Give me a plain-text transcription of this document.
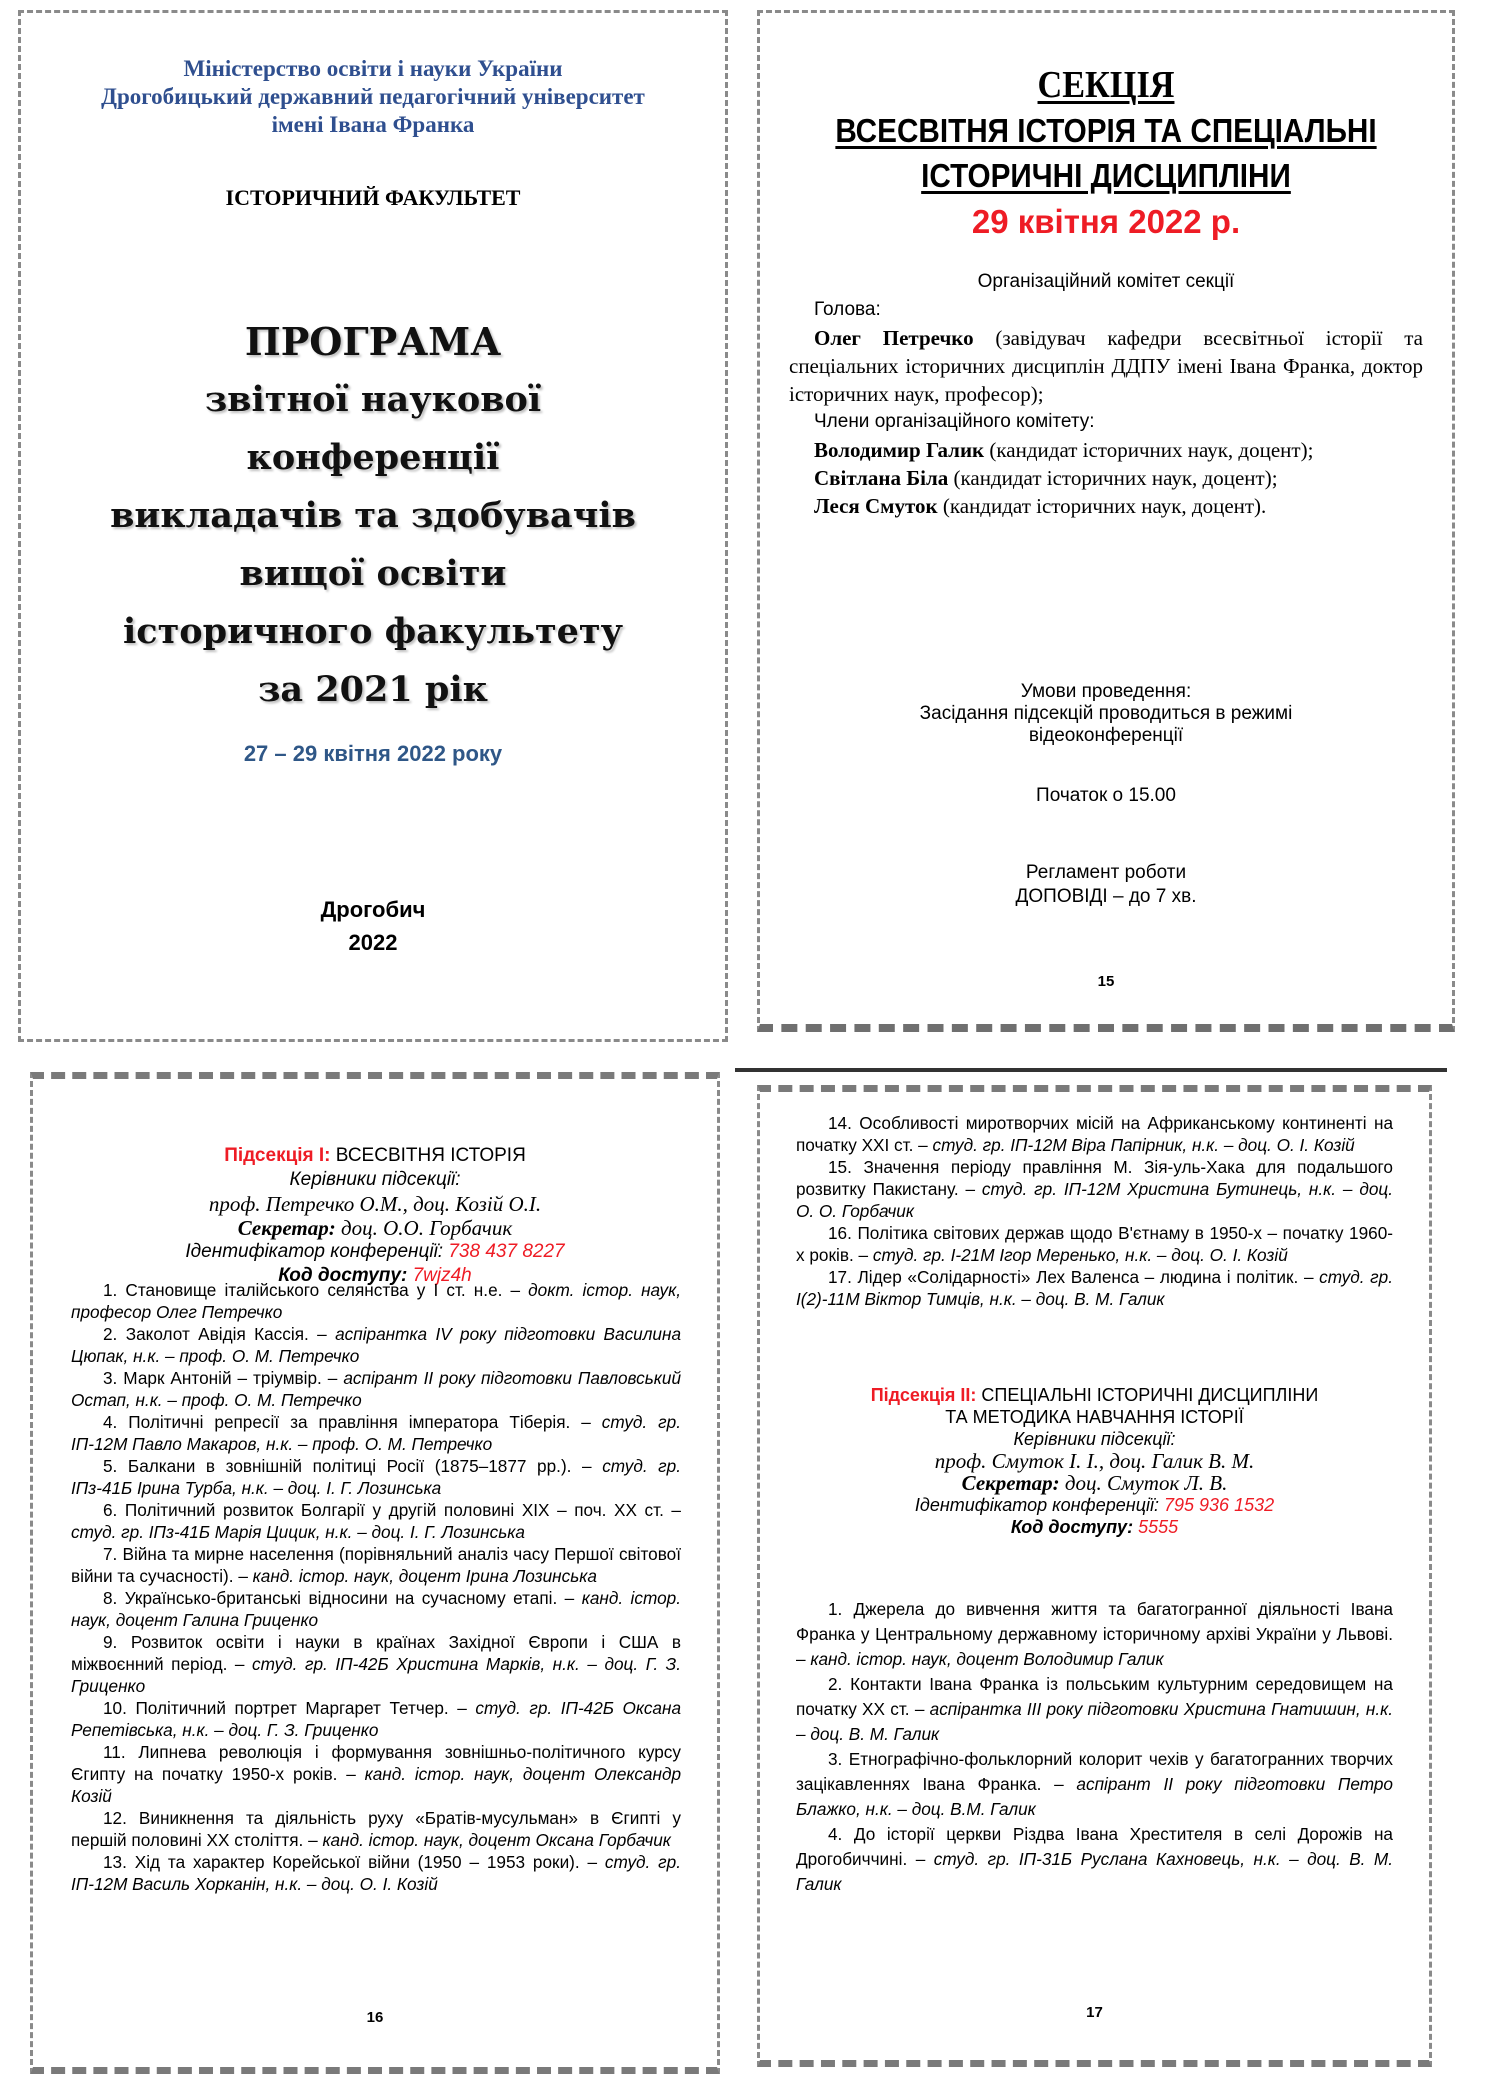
Міністерство освіти і науки України
Дрогобицький державний педагогічний університет
імені Івана Франка
ІСТОРИЧНИЙ ФАКУЛЬТЕТ
ПРОГРАМА
звітної наукової
конференції
викладачів та здобувачів
вищої освіти
історичного факультету
за 2021 рік
27 – 29 квітня 2022 року
Дрогобич
2022
СЕКЦІЯ
ВСЕСВІТНЯ ІСТОРІЯ ТА СПЕЦІАЛЬНІ
ІСТОРИЧНІ ДИСЦИПЛІНИ
29 квітня 2022 р.
Організаційний комітет секції

Голова:

Олег Петречко (завідувач кафедри всесвітньої історії та спеціальних історичних дисциплін ДДПУ імені Івана Франка, доктор історичних наук, професор);

Члени організаційного комітету:

Володимир Галик (кандидат історичних наук, доцент);

Світлана Біла (кандидат історичних наук, доцент);

Леся Смуток (кандидат історичних наук, доцент).

Умови проведення:
Засідання підсекцій проводиться в режимі
відеоконференції
Початок о 15.00
Регламент роботи
ДОПОВІДІ – до 7 хв.
15
Підсекція І: ВСЕСВІТНЯ ІСТОРІЯ
Керівники підсекції:
проф. Петречко О.М., доц. Козій О.І.
Секретар: доц. О.О. Горбачик
Ідентифікатор конференції: 738 437 8227
Код доступу: 7wjz4h
1. Становище італійського селянства у І ст. н.е. – докт. істор. наук, професор Олег Петречко
2. Заколот Авідія Кассія. – аспірантка IV року підготовки Василина Цюпак, н.к. – проф. О. М. Петречко
3. Марк Антоній – тріумвір. – аспірант ІІ року підготовки Павловський Остап, н.к. – проф. О. М. Петречко
4. Політичні репресії за правління імператора Тіберія. – студ. гр. ІП-12М Павло Макаров, н.к. – проф. О. М. Петречко
5. Балкани в зовнішній політиці Росії (1875–1877 рр.). – студ. гр. ІПз-41Б Ірина Турба, н.к. – доц. І. Г. Лозинська
6. Політичний розвиток Болгарії у другій половині ХІХ – поч. ХХ ст. – студ. гр. ІПз-41Б Марія Цицик, н.к. – доц. І. Г. Лозинська
7. Війна та мирне населення (порівняльний аналіз часу Першої світової війни та сучасності). – канд. істор. наук, доцент Ірина Лозинська
8. Українсько-британські відносини на сучасному етапі. – канд. істор. наук, доцент Галина Гриценко
9. Розвиток освіти і науки в країнах Західної Європи і США в міжвоєнний період. – студ. гр. ІП-42Б Христина Марків, н.к. – доц. Г. З. Гриценко
10. Політичний портрет Маргарет Тетчер. – студ. гр. ІП-42Б Оксана Репетівська, н.к. – доц. Г. З. Гриценко
11. Липнева революція і формування зовнішньо-політичного курсу Єгипту на початку 1950-х років. – канд. істор. наук, доцент Олександр Козій
12. Виникнення та діяльність руху «Братів-мусульман» в Єгипті у першій половині ХХ століття. – канд. істор. наук, доцент Оксана Горбачик
13. Хід та характер Корейської війни (1950 – 1953 роки). – студ. гр. ІП-12М Василь Хорканін, н.к. – доц. О. І. Козій
16
14. Особливості миротворчих місій на Африканському континенті на початку ХХІ ст. – студ. гр. ІП-12М Віра Папірник, н.к. – доц. О. І. Козій
15. Значення періоду правління М. Зія-уль-Хака для подальшого розвитку Пакистану. – студ. гр. ІП-12М Христина Бутинець, н.к. – доц. О. О. Горбачик
16. Політика світових держав щодо В'єтнаму в 1950-х – початку 1960-х років. – студ. гр. І-21М Ігор Меренько, н.к. – доц. О. І. Козій
17. Лідер «Солідарності» Лех Валенса – людина і політик. – студ. гр. І(2)-11М Віктор Тимців, н.к. – доц. В. М. Галик
Підсекція ІІ: СПЕЦІАЛЬНІ ІСТОРИЧНІ ДИСЦИПЛІНИ
ТА МЕТОДИКА НАВЧАННЯ ІСТОРІЇ
Керівники підсекції:
проф. Смуток І. І., доц. Галик В. М.
Секретар: доц. Смуток Л. В.
Ідентифікатор конференції: 795 936 1532
Код доступу: 5555
1. Джерела до вивчення життя та багатогранної діяльності Івана Франка у Центральному державному історичному архіві України у Львові. – канд. істор. наук, доцент Володимир Галик
2. Контакти Івана Франка із польським культурним середовищем на початку ХХ ст. – аспірантка ІІІ року підготовки Христина Гнатишин, н.к. – доц. В. М. Галик
3. Етнографічно-фольклорний колорит чехів у багатогранних творчих зацікавленнях Івана Франка. – аспірант ІІ року підготовки Петро Блажко, н.к. – доц. В.М. Галик
4. До історії церкви Різдва Івана Хрестителя в селі Дорожів на Дрогобиччині. – студ. гр. ІП-31Б Руслана Кахновець, н.к. – доц. В. М. Галик
17
